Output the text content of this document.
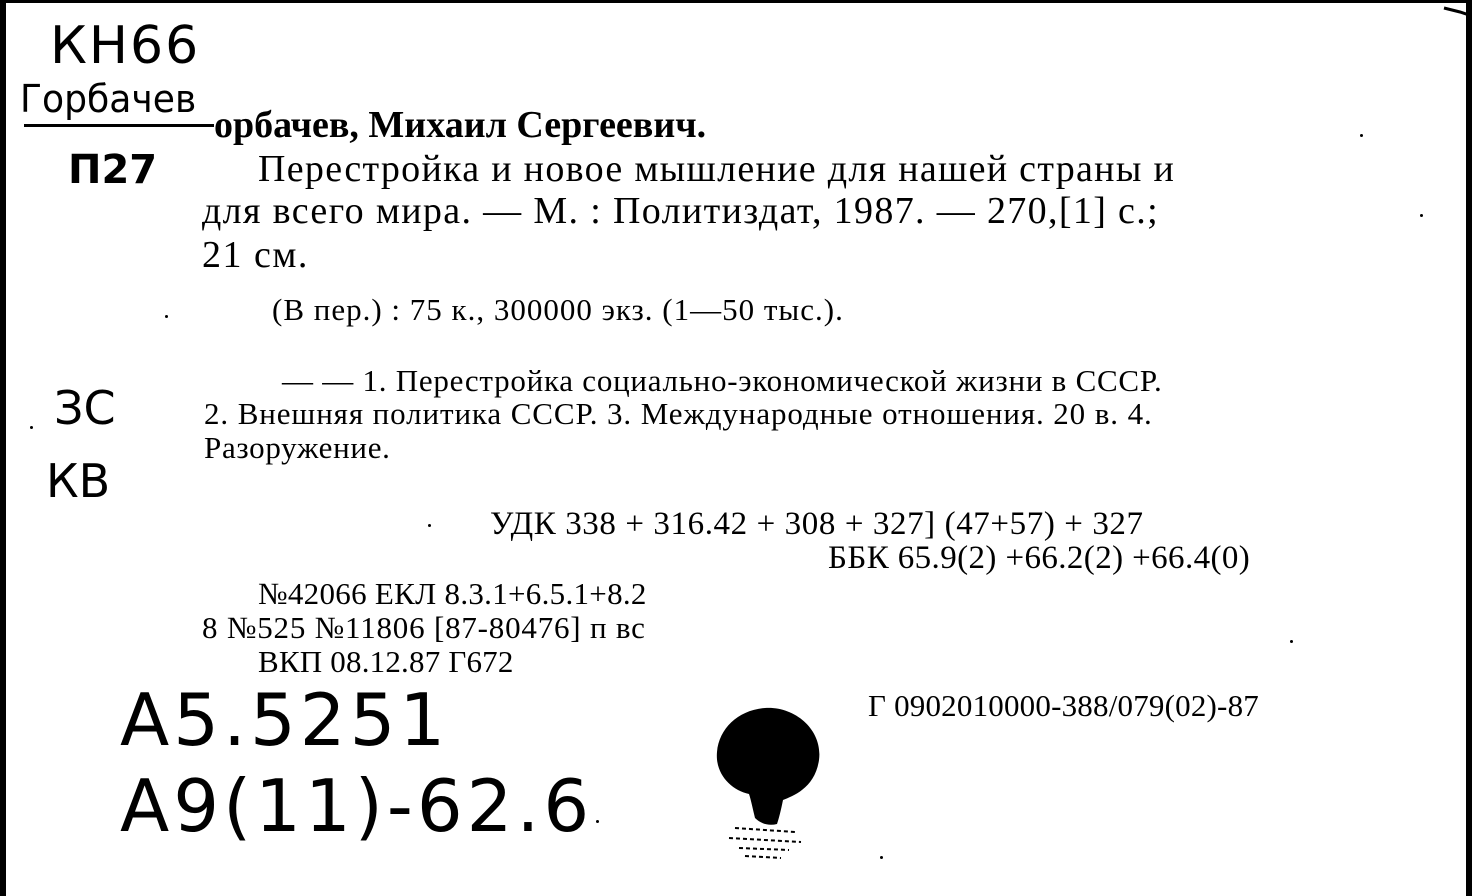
КН66
Горбачев
П27
ЗС
КВ
А5.5251
А9(11)-62.6
орбачев, Михаил Сергеевич.
Перестройка и новое мышление для нашей страны и
для всего мира. — М. : Политиздат, 1987. — 270,[1] с.;
21 см.
(В пер.) : 75 к., 300000 экз. (1—50 тыс.).
— — 1. Перестройка социально-экономической жизни в СССР.
2. Внешняя политика СССР. 3. Международные отношения. 20 в. 4.
Разоружение.
УДК 338 + 316.42 + 308 + 327] (47+57) + 327
ББК 65.9(2) +66.2(2) +66.4(0)
№42066 ЕКЛ 8.3.1+6.5.1+8.2
8 №525 №11806 [87-80476] п вс
ВКП 08.12.87 Г672
Г 0902010000-388/079(02)-87
